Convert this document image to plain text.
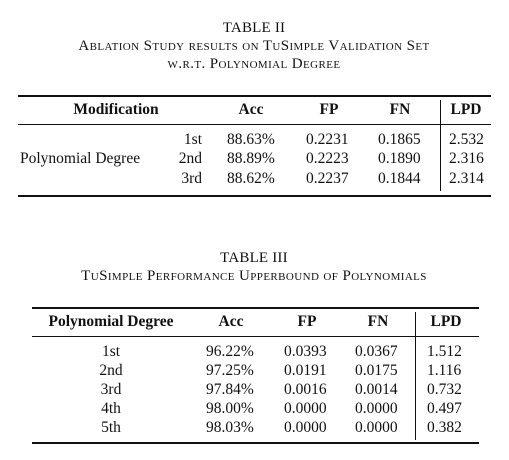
TABLE II
Ablation Study results on TuSimple Validation Set
w.r.t. Polynomial Degree
Modification	Acc	FP	FN	LPD
Polynomial Degree
1st 88.63% 0.2231 0.1865 2.532
2nd 88.89% 0.2223 0.1890 2.316
3rd 88.62% 0.2237 0.1844 2.314
TABLE III
TuSimple Performance Upperbound of Polynomials
Polynomial Degree	Acc	FP	FN	LPD
1st	96.22% 0.0393 0.0367 1.512
2nd	97.25% 0.0191 0.0175 1.116
3rd	97.84% 0.0016 0.0014 0.732
4th	98.00% 0.0000 0.0000 0.497
5th	98.03% 0.0000 0.0000 0.382
